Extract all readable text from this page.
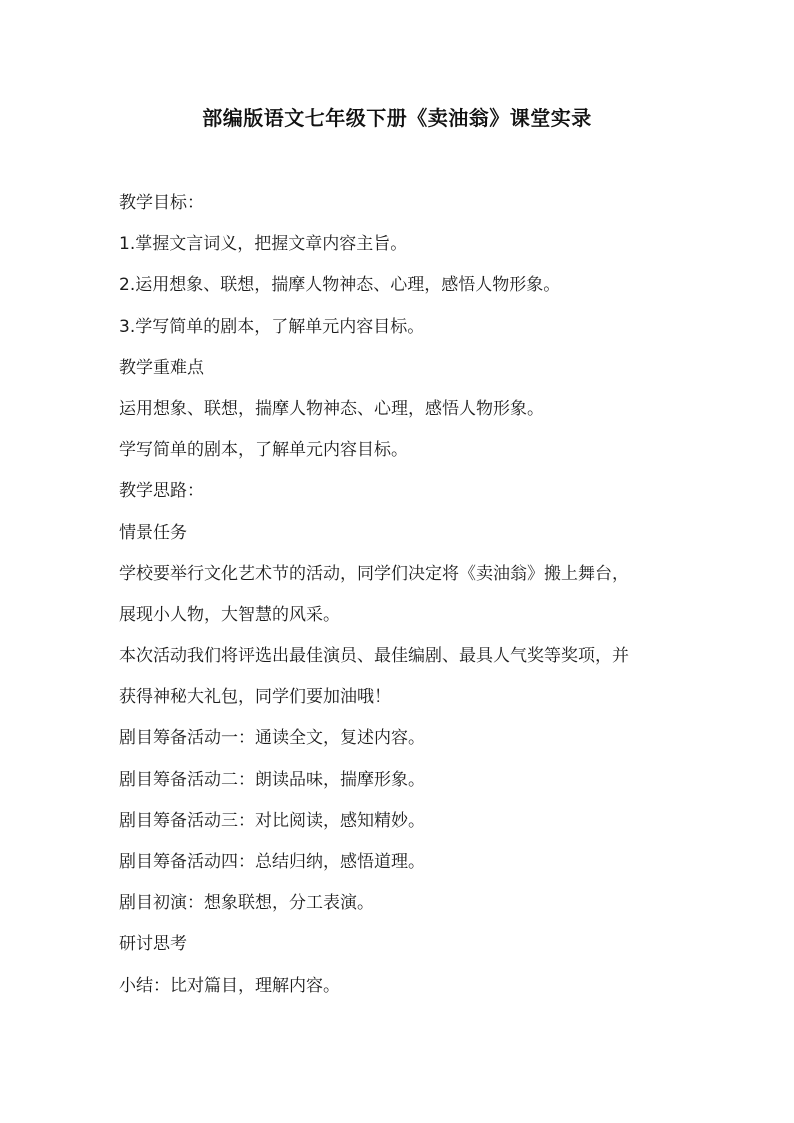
部编版语文七年级下册《卖油翁》课堂实录
教学目标：
1.掌握文言词义，把握文章内容主旨。
2.运用想象、联想，揣摩人物神态、心理，感悟人物形象。
3.学写简单的剧本，了解单元内容目标。
教学重难点
运用想象、联想，揣摩人物神态、心理，感悟人物形象。
学写简单的剧本，了解单元内容目标。
教学思路：
情景任务
学校要举行文化艺术节的活动，同学们决定将《卖油翁》搬上舞台，
展现小人物，大智慧的风采。
本次活动我们将评选出最佳演员、最佳编剧、最具人气奖等奖项，并
获得神秘大礼包，同学们要加油哦！
剧目筹备活动一：通读全文，复述内容。
剧目筹备活动二：朗读品味，揣摩形象。
剧目筹备活动三：对比阅读，感知精妙。
剧目筹备活动四：总结归纳，感悟道理。
剧目初演：想象联想，分工表演。
研讨思考
小结：比对篇目，理解内容。
